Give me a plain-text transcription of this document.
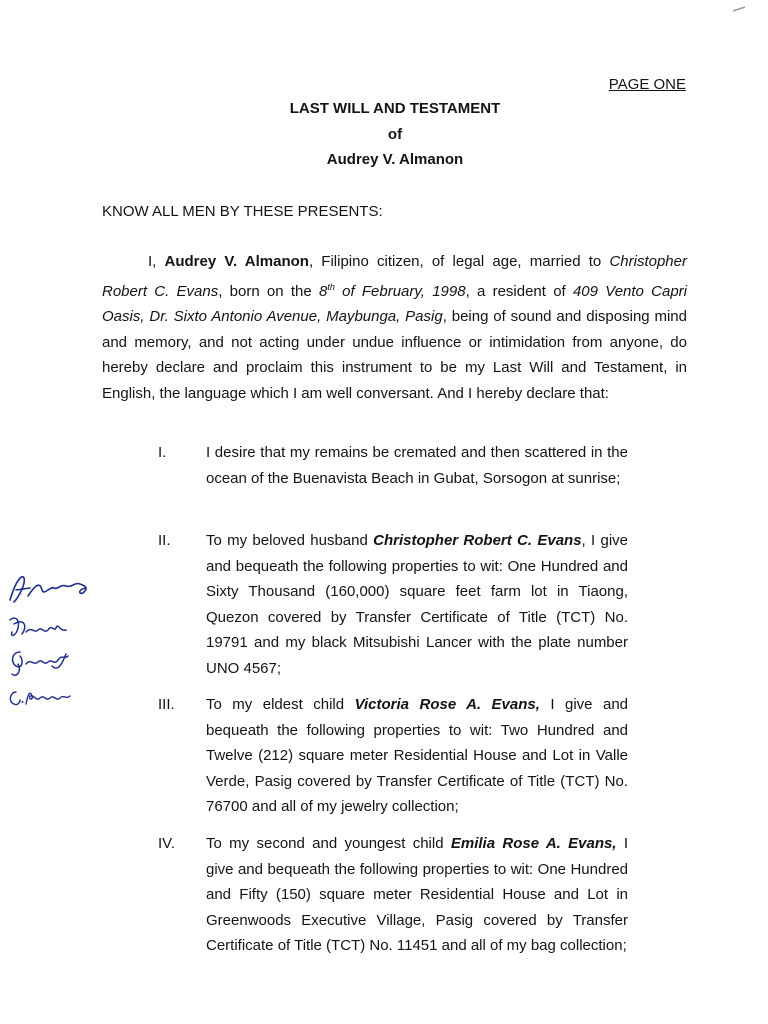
PAGE ONE
LAST WILL AND TESTAMENT
of
Audrey V. Almanon
KNOW ALL MEN BY THESE PRESENTS:

I, Audrey V. Almanon, Filipino citizen, of legal age, married to Christopher Robert C. Evans, born on the 8th of February, 1998, a resident of 409 Vento Capri Oasis, Dr. Sixto Antonio Avenue, Maybunga, Pasig, being of sound and disposing mind and memory, and not acting under undue influence or intimidation from anyone, do hereby declare and proclaim this instrument to be my Last Will and Testament, in English, the language which I am well conversant. And I hereby declare that:

I.	I desire that my remains be cremated and then scattered in the ocean of the Buenavista Beach in Gubat, Sorsogon at sunrise;
II. To my beloved husband Christopher Robert C. Evans, I give and bequeath the following properties to wit: One Hundred and Sixty Thousand (160,000) square feet farm lot in Tiaong, Quezon covered by Transfer Certificate of Title (TCT) No. 19791 and my black Mitsubishi Lancer with the plate number UNO 4567;
III. To my eldest child Victoria Rose A. Evans, I give and bequeath the following properties to wit: Two Hundred and Twelve (212) square meter Residential House and Lot in Valle Verde, Pasig covered by Transfer Certificate of Title (TCT) No. 76700 and all of my jewelry collection;
IV. To my second and youngest child Emilia Rose A. Evans, I give and bequeath the following properties to wit: One Hundred and Fifty (150) square meter Residential House and Lot in Greenwoods Executive Village, Pasig covered by Transfer Certificate of Title (TCT) No. 11451 and all of my bag collection;
